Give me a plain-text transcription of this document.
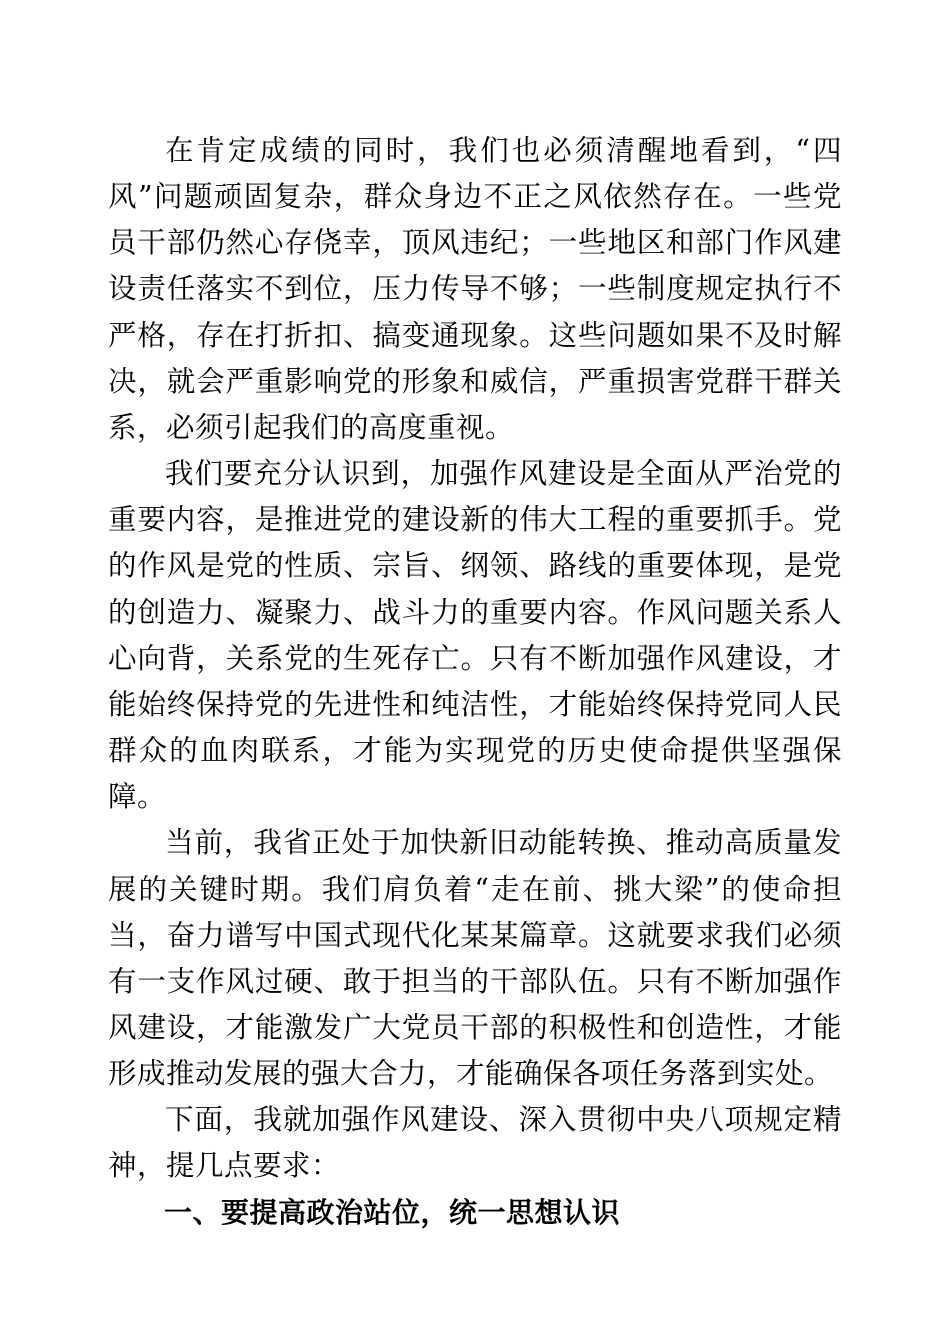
在肯定成绩的同时，我们也必须清醒地看到，“四风”问题顽固复杂，群众身边不正之风依然存在。一些党员干部仍然心存侥幸，顶风违纪；一些地区和部门作风建设责任落实不到位，压力传导不够；一些制度规定执行不严格，存在打折扣、搞变通现象。这些问题如果不及时解决，就会严重影响党的形象和威信，严重损害党群干群关系，必须引起我们的高度重视。

我们要充分认识到，加强作风建设是全面从严治党的重要内容，是推进党的建设新的伟大工程的重要抓手。党的作风是党的性质、宗旨、纲领、路线的重要体现，是党的创造力、凝聚力、战斗力的重要内容。作风问题关系人心向背，关系党的生死存亡。只有不断加强作风建设，才能始终保持党的先进性和纯洁性，才能始终保持党同人民群众的血肉联系，才能为实现党的历史使命提供坚强保障。

当前，我省正处于加快新旧动能转换、推动高质量发展的关键时期。我们肩负着“走在前、挑大梁”的使命担当，奋力谱写中国式现代化某某篇章。这就要求我们必须有一支作风过硬、敢于担当的干部队伍。只有不断加强作风建设，才能激发广大党员干部的积极性和创造性，才能形成推动发展的强大合力，才能确保各项任务落到实处。

下面，我就加强作风建设、深入贯彻中央八项规定精神，提几点要求：

一、要提高政治站位，统一思想认识
